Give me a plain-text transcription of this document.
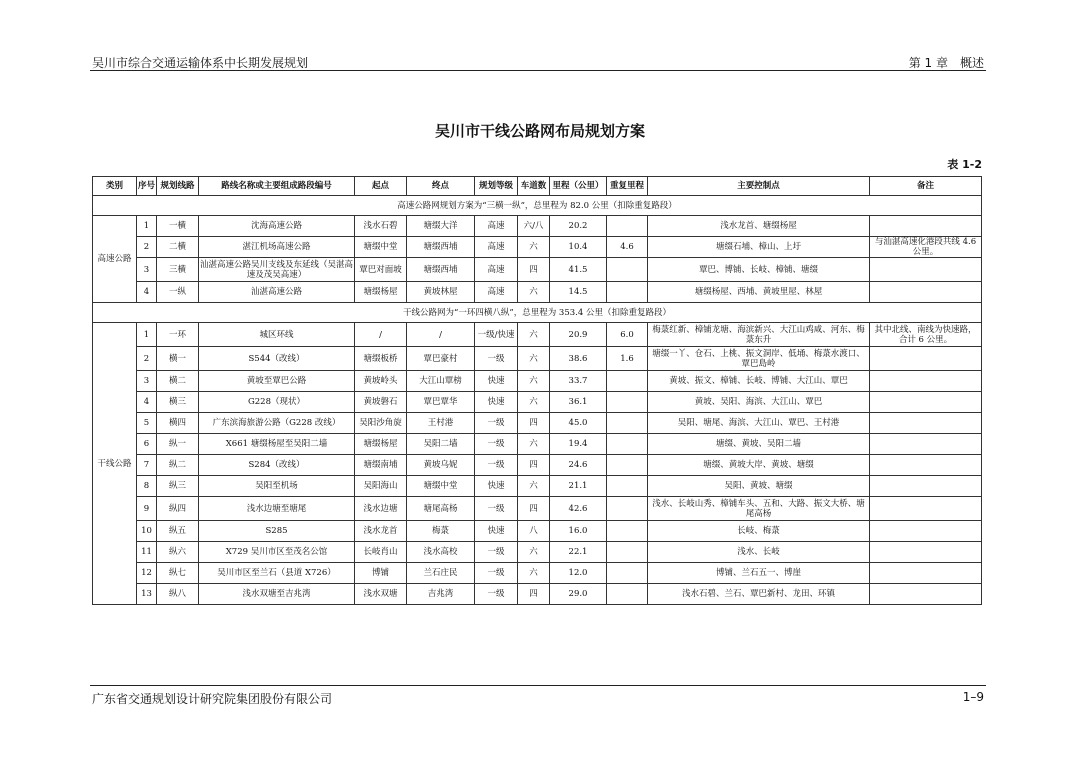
吴川市综合交通运输体系中长期发展规划	第 1 章　概述
吴川市干线公路网布局规划方案
表 1-2
类别	序号	规划线路	路线名称或主要组成路段编号	起点	终点	规划等级	车道数	里程（公里）	重复里程	主要控制点	备注
高速公路网规划方案为“三横一纵”，总里程为 82.0 公里（扣除重复路段）											
高速公路	1	一横	沈海高速公路	浅水石碧	塘缀大洋	高速	六/八	20.2		浅水龙首、塘缀杨屋	
	2	二横	湛江机场高速公路	塘缀中堂	塘缀西埔	高速	六	10.4	4.6	塘缀石埔、樟山、上圩	与汕湛高速化港段共线 4.6 公里。
	3	三横	汕湛高速公路吴川支线及东延线（吴湛高速及茂吴高速）	覃巴对面坡	塘缀西埔	高速	四	41.5		覃巴、博铺、长岐、樟铺、塘缀	
	4	一纵	汕湛高速公路	塘缀杨屋	黄坡林屋	高速	六	14.5		塘缀杨屋、西埔、黄坡里屋、林屋	
干线公路网为“一环四横八纵”，总里程为 353.4 公里（扣除重复路段）											
干线公路	1	一环	城区环线	/	/	一级/快速	六	20.9	6.0	梅菉红新、樟铺龙塘、海滨新兴、大江山鸡咸、河东、梅菉东升	其中北线、南线为快速路，合计 6 公里。
	2	横一	S544（改线）	塘缀板桥	覃巴豪村	一级	六	38.6	1.6	塘缀一丫、仓石、上桃、振文洞岸、低埇、梅菉水渡口、覃巴島岭	
	3	横二	黄坡至覃巴公路	黄坡岭头	大江山覃榜	快速	六	33.7		黄坡、振文、樟铺、长岐、博铺、大江山、覃巴	
	4	横三	G228（现状）	黄坡磐石	覃巴覃华	快速	六	36.1		黄坡、吴阳、海滨、大江山、覃巴	
	5	横四	广东滨海旅游公路（G228 改线）	吴阳沙角旋	王村港	一级	四	45.0		吴阳、塘尾、海滨、大江山、覃巴、王村港	
	6	纵一	X661 塘缀杨屋至吴阳二墙	塘缀杨屋	吴阳二墙	一级	六	19.4		塘缀、黄坡、吴阳二墙	
	7	纵二	S284（改线）	塘缀南埔	黄坡乌妮	一级	四	24.6		塘缀、黄坡大岸、黄坡、塘缀	
	8	纵三	吴阳至机场	吴阳海山	塘缀中堂	快速	六	21.1		吴阳、黄坡、塘缀	
	9	纵四	浅水边塘至塘尾	浅水边塘	塘尾高杨	一级	四	42.6		浅水、长岐山秀、樟铺车头、五和、大路、振文大桥、塘尾高杨	
	10	纵五	S285	浅水龙首	梅菉	快速	八	16.0		长岐、梅菉	
	11	纵六	X729 吴川市区至茂名公馆	长岐肖山	浅水高校	一级	六	22.1		浅水、长岐	
	12	纵七	吴川市区至兰石（县道 X726）	博铺	兰石庄民	一级	六	12.0		博铺、兰石五一、博崖	
	13	纵八	浅水双塘至吉兆湾	浅水双塘	吉兆湾	一级	四	29.0		浅水石碧、兰石、覃巴新村、龙田、环镇	
广东省交通规划设计研究院集团股份有限公司	1–9
